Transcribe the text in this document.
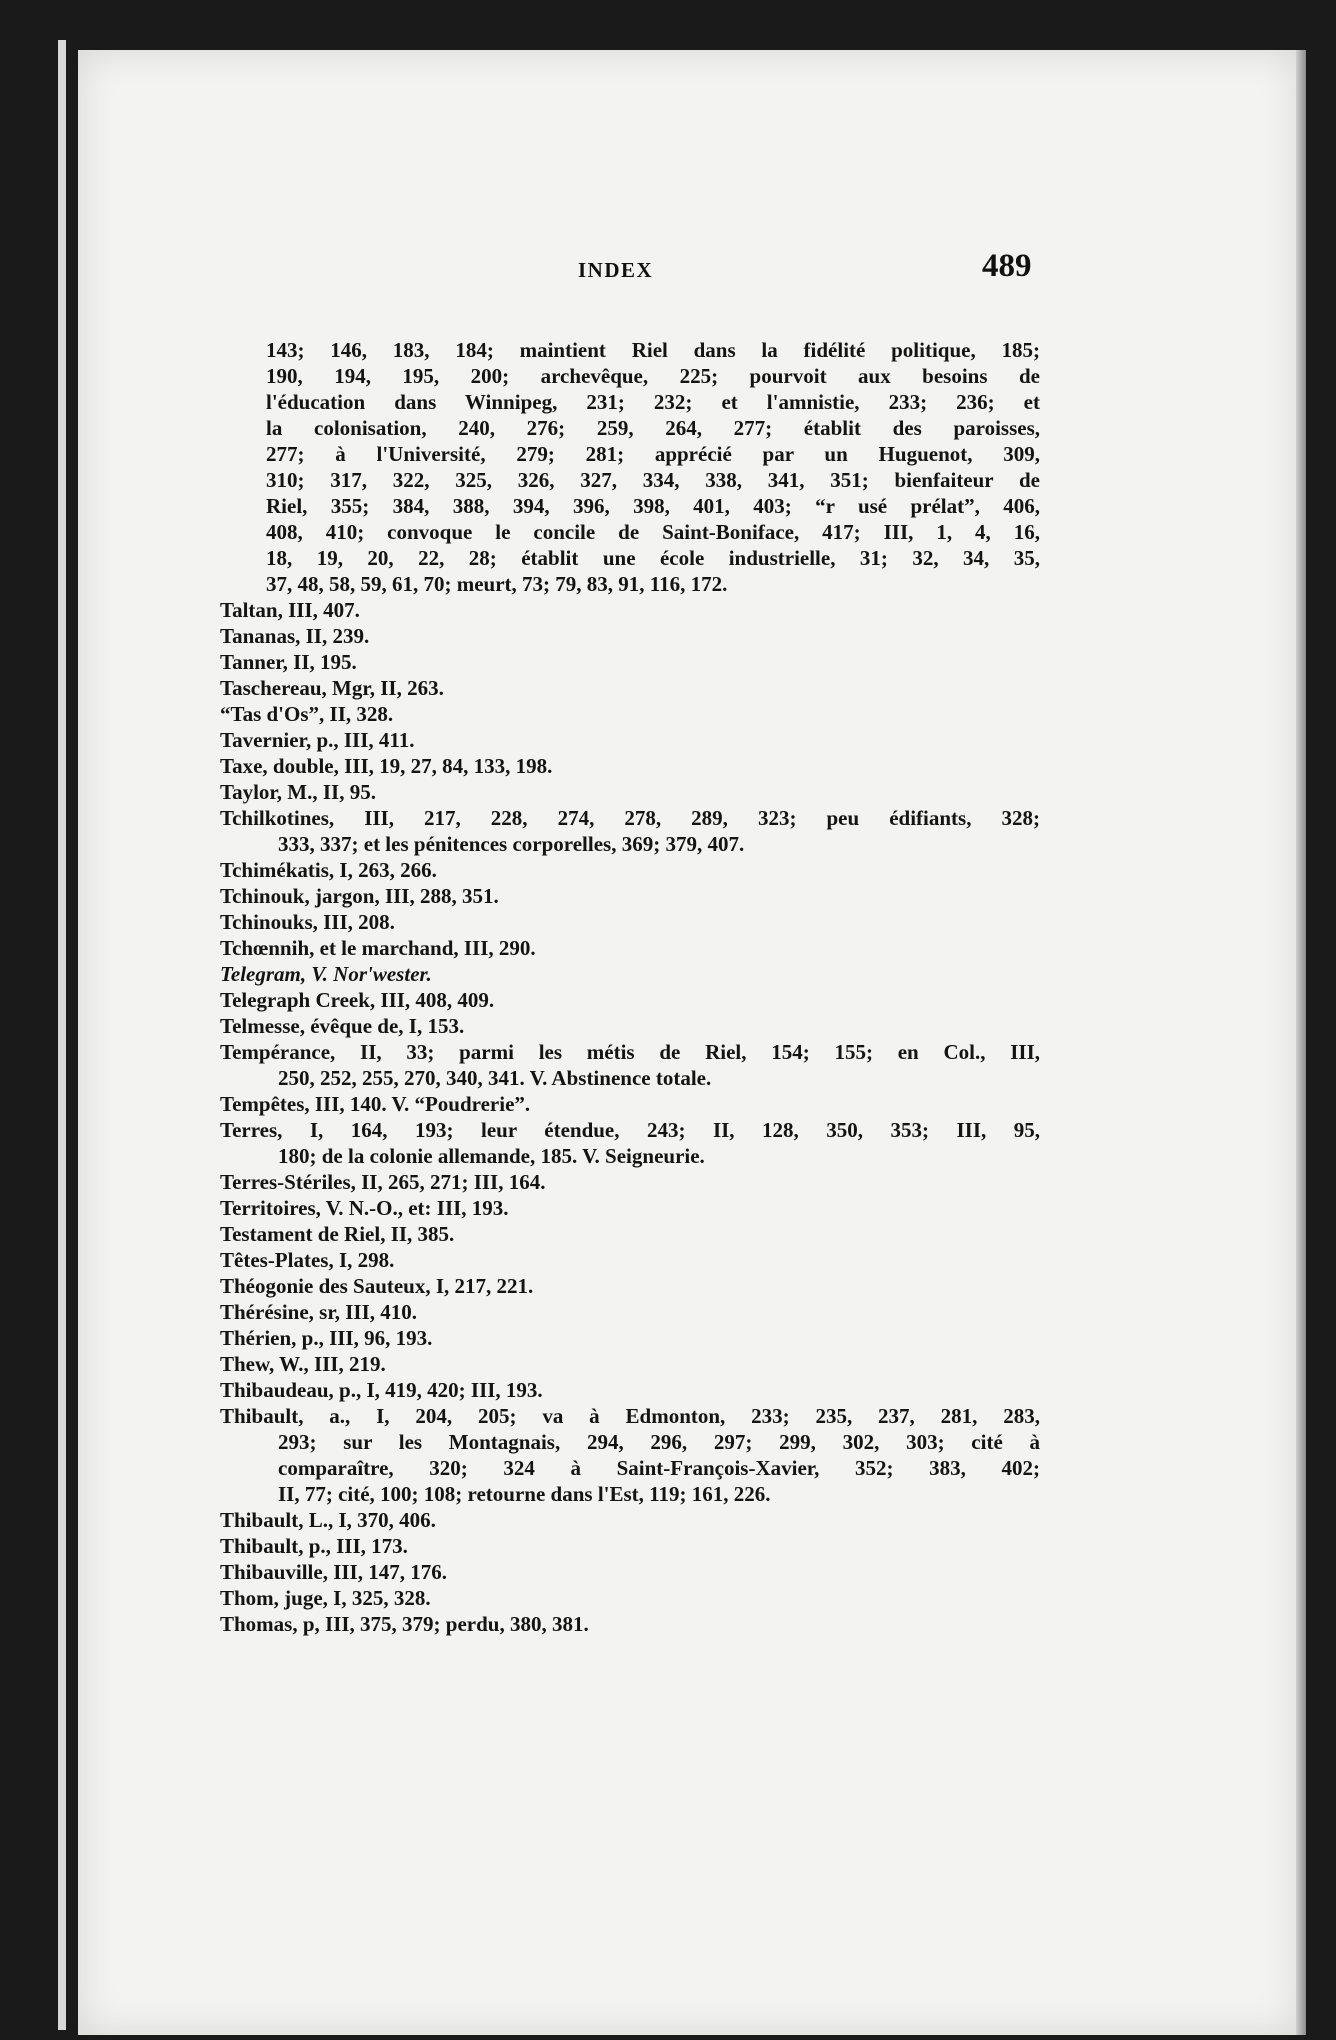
INDEX	489
143; 146, 183, 184; maintient Riel dans la fidélité politique, 185;
190, 194, 195, 200; archevêque, 225; pourvoit aux besoins de
l'éducation dans Winnipeg, 231; 232; et l'amnistie, 233; 236; et
la colonisation, 240, 276; 259, 264, 277; établit des paroisses,
277; à l'Université, 279; 281; apprécié par un Huguenot, 309,
310; 317, 322, 325, 326, 327, 334, 338, 341, 351; bienfaiteur de
Riel, 355; 384, 388, 394, 396, 398, 401, 403; “r usé prélat”, 406,
408, 410; convoque le concile de Saint-Boniface, 417; III, 1, 4, 16,
18, 19, 20, 22, 28; établit une école industrielle, 31; 32, 34, 35,
37, 48, 58, 59, 61, 70; meurt, 73; 79, 83, 91, 116, 172.
Taltan, III, 407.
Tananas, II, 239.
Tanner, II, 195.
Taschereau, Mgr, II, 263.
“Tas d'Os”, II, 328.
Tavernier, p., III, 411.
Taxe, double, III, 19, 27, 84, 133, 198.
Taylor, M., II, 95.
Tchilkotines, III, 217, 228, 274, 278, 289, 323; peu édifiants, 328;
333, 337; et les pénitences corporelles, 369; 379, 407.
Tchimékatis, I, 263, 266.
Tchinouk, jargon, III, 288, 351.
Tchinouks, III, 208.
Tchœnnih, et le marchand, III, 290.
Telegram, V. Nor'wester.
Telegraph Creek, III, 408, 409.
Telmesse, évêque de, I, 153.
Tempérance, II, 33; parmi les métis de Riel, 154; 155; en Col., III,
250, 252, 255, 270, 340, 341. V. Abstinence totale.
Tempêtes, III, 140. V. “Poudrerie”.
Terres, I, 164, 193; leur étendue, 243; II, 128, 350, 353; III, 95,
180; de la colonie allemande, 185. V. Seigneurie.
Terres-Stériles, II, 265, 271; III, 164.
Territoires, V. N.-O., et: III, 193.
Testament de Riel, II, 385.
Têtes-Plates, I, 298.
Théogonie des Sauteux, I, 217, 221.
Thérésine, sr, III, 410.
Thérien, p., III, 96, 193.
Thew, W., III, 219.
Thibaudeau, p., I, 419, 420; III, 193.
Thibault, a., I, 204, 205; va à Edmonton, 233; 235, 237, 281, 283,
293; sur les Montagnais, 294, 296, 297; 299, 302, 303; cité à
comparaître, 320; 324 à Saint-François-Xavier, 352; 383, 402;
II, 77; cité, 100; 108; retourne dans l'Est, 119; 161, 226.
Thibault, L., I, 370, 406.
Thibault, p., III, 173.
Thibauville, III, 147, 176.
Thom, juge, I, 325, 328.
Thomas, p, III, 375, 379; perdu, 380, 381.
